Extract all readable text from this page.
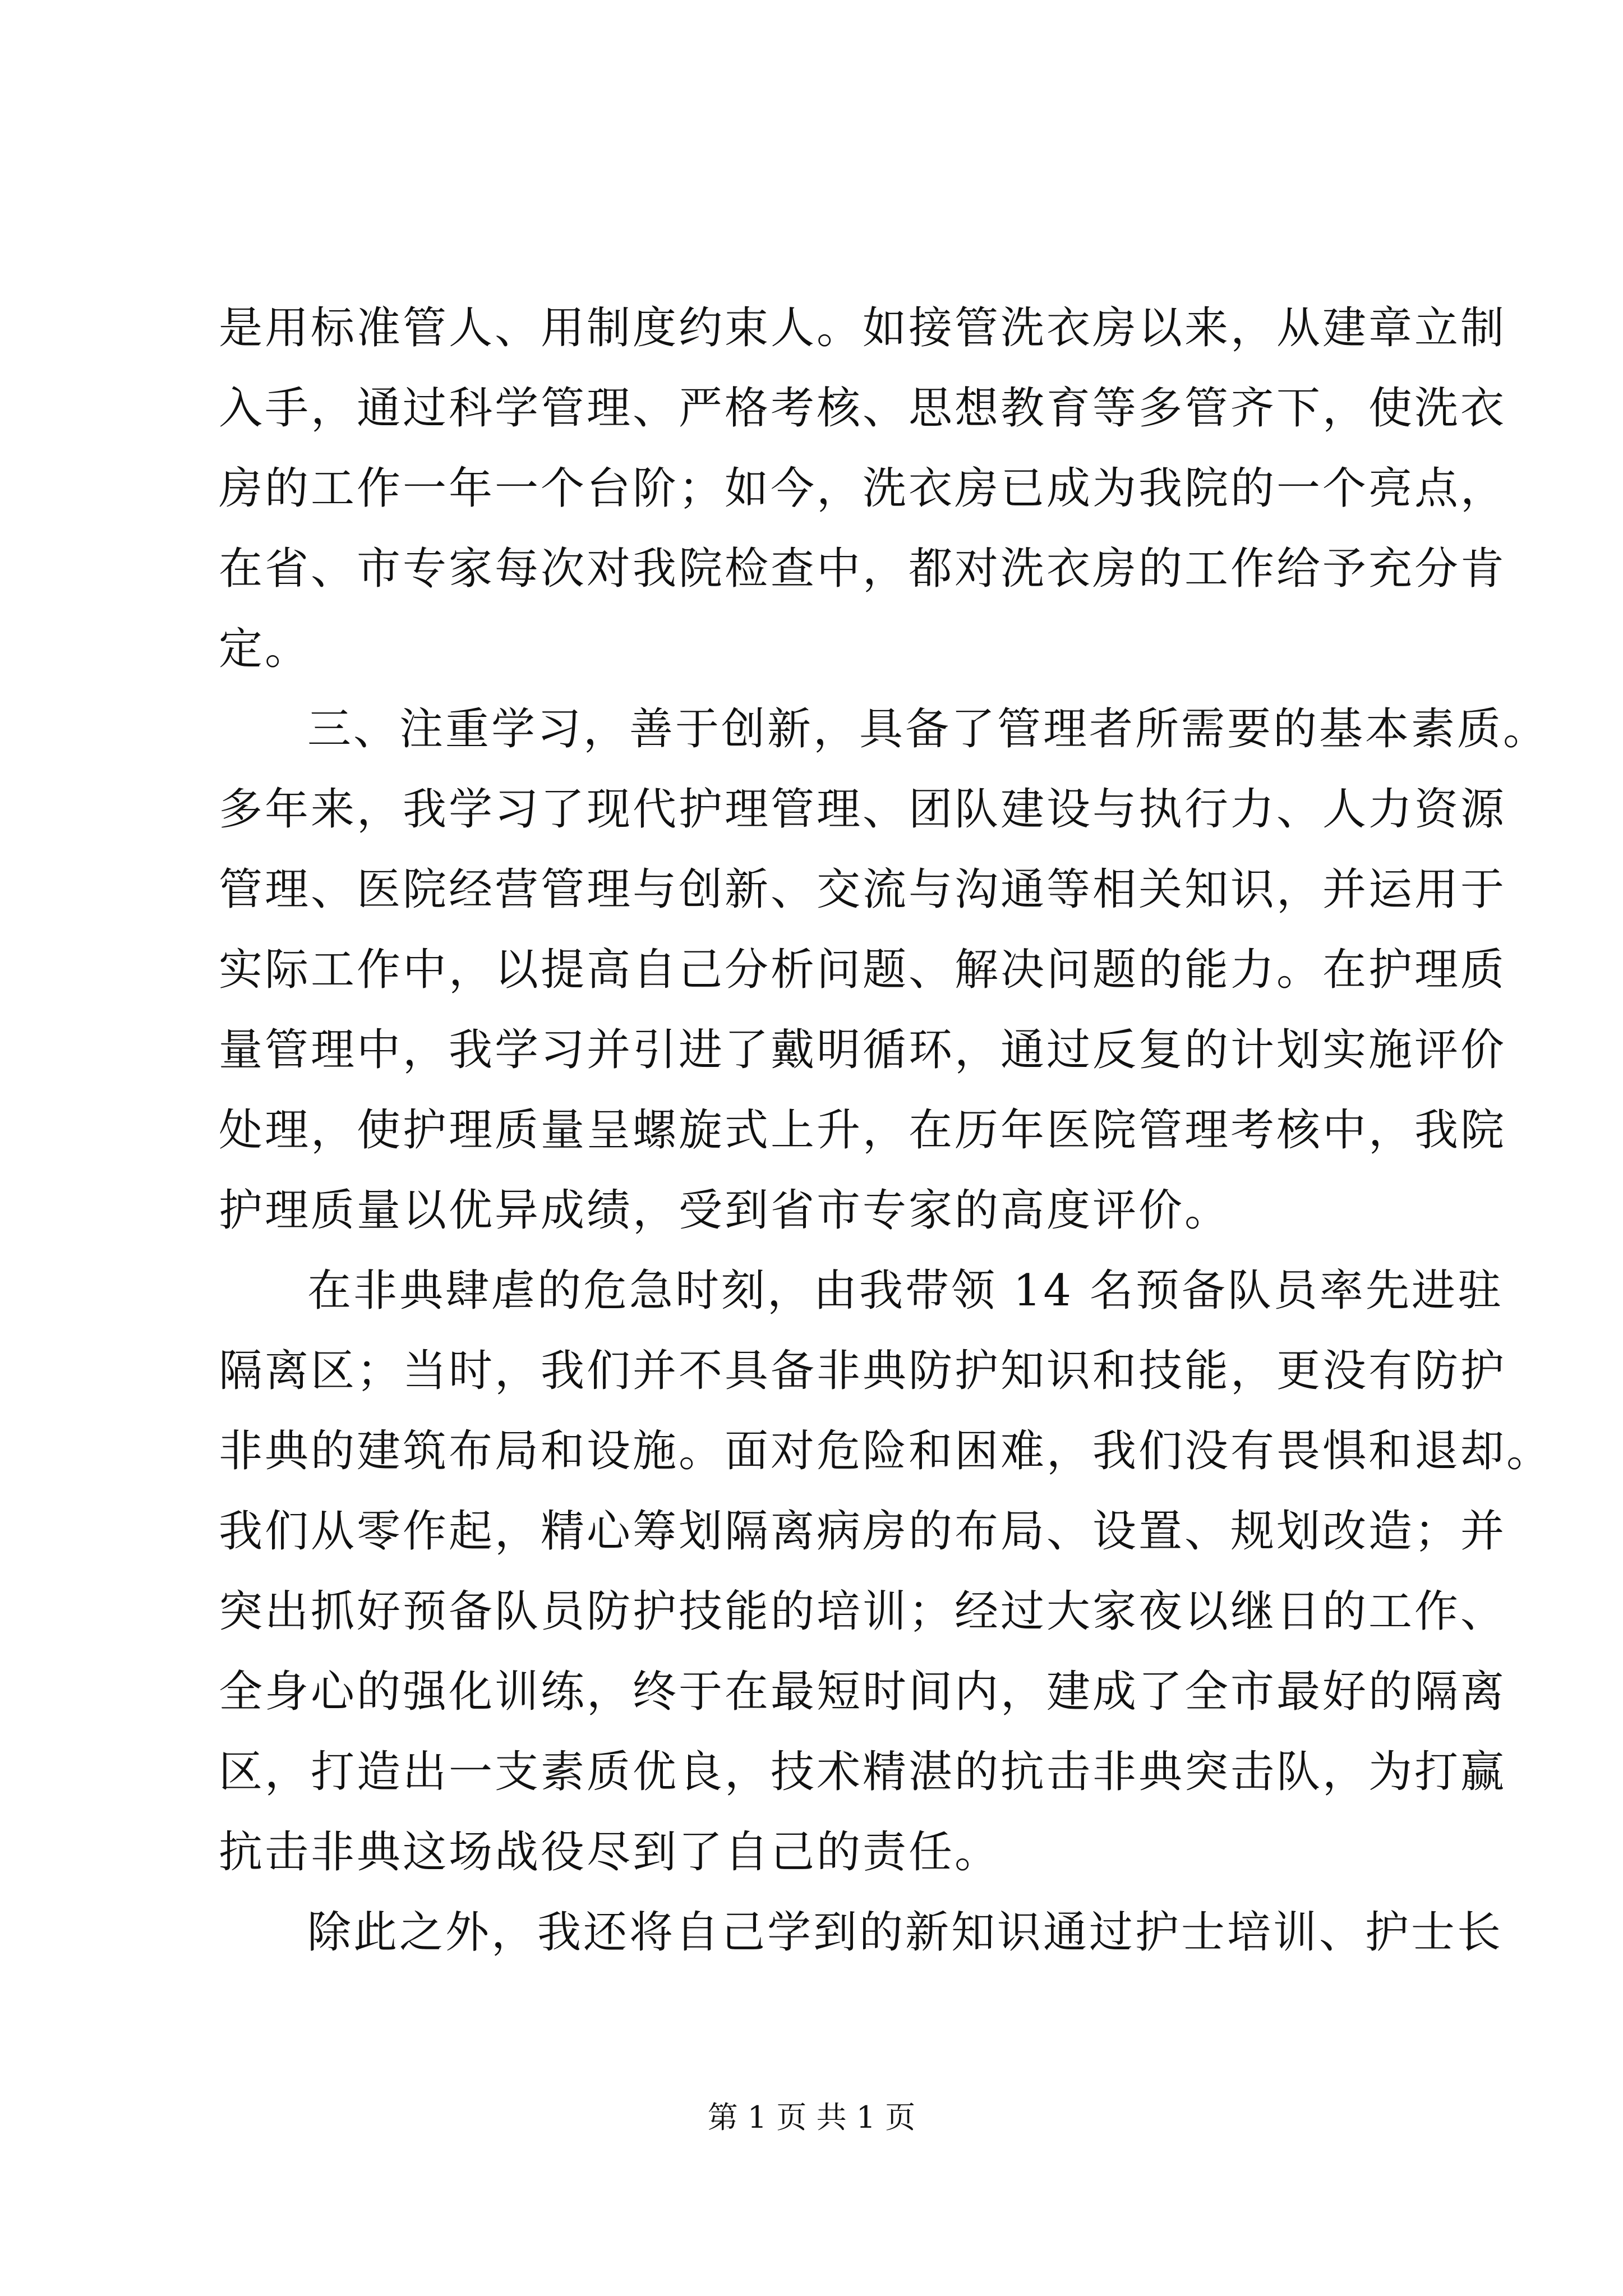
是用标准管人、用制度约束人。如接管洗衣房以来，从建章立制
入手，通过科学管理、严格考核、思想教育等多管齐下，使洗衣
房的工作一年一个台阶；如今，洗衣房已成为我院的一个亮点，
在省、市专家每次对我院检查中，都对洗衣房的工作给予充分肯
定。
三、注重学习，善于创新，具备了管理者所需要的基本素质。
多年来，我学习了现代护理管理、团队建设与执行力、人力资源
管理、医院经营管理与创新、交流与沟通等相关知识，并运用于
实际工作中，以提高自己分析问题、解决问题的能力。在护理质
量管理中，我学习并引进了戴明循环，通过反复的计划实施评价
处理，使护理质量呈螺旋式上升，在历年医院管理考核中，我院
护理质量以优异成绩，受到省市专家的高度评价。
在非典肆虐的危急时刻，由我带领 14 名预备队员率先进驻
隔离区；当时，我们并不具备非典防护知识和技能，更没有防护
非典的建筑布局和设施。面对危险和困难，我们没有畏惧和退却。
我们从零作起，精心筹划隔离病房的布局、设置、规划改造；并
突出抓好预备队员防护技能的培训；经过大家夜以继日的工作、
全身心的强化训练，终于在最短时间内，建成了全市最好的隔离
区，打造出一支素质优良，技术精湛的抗击非典突击队，为打赢
抗击非典这场战役尽到了自己的责任。
除此之外，我还将自己学到的新知识通过护士培训、护士长
第 1 页 共 1 页
